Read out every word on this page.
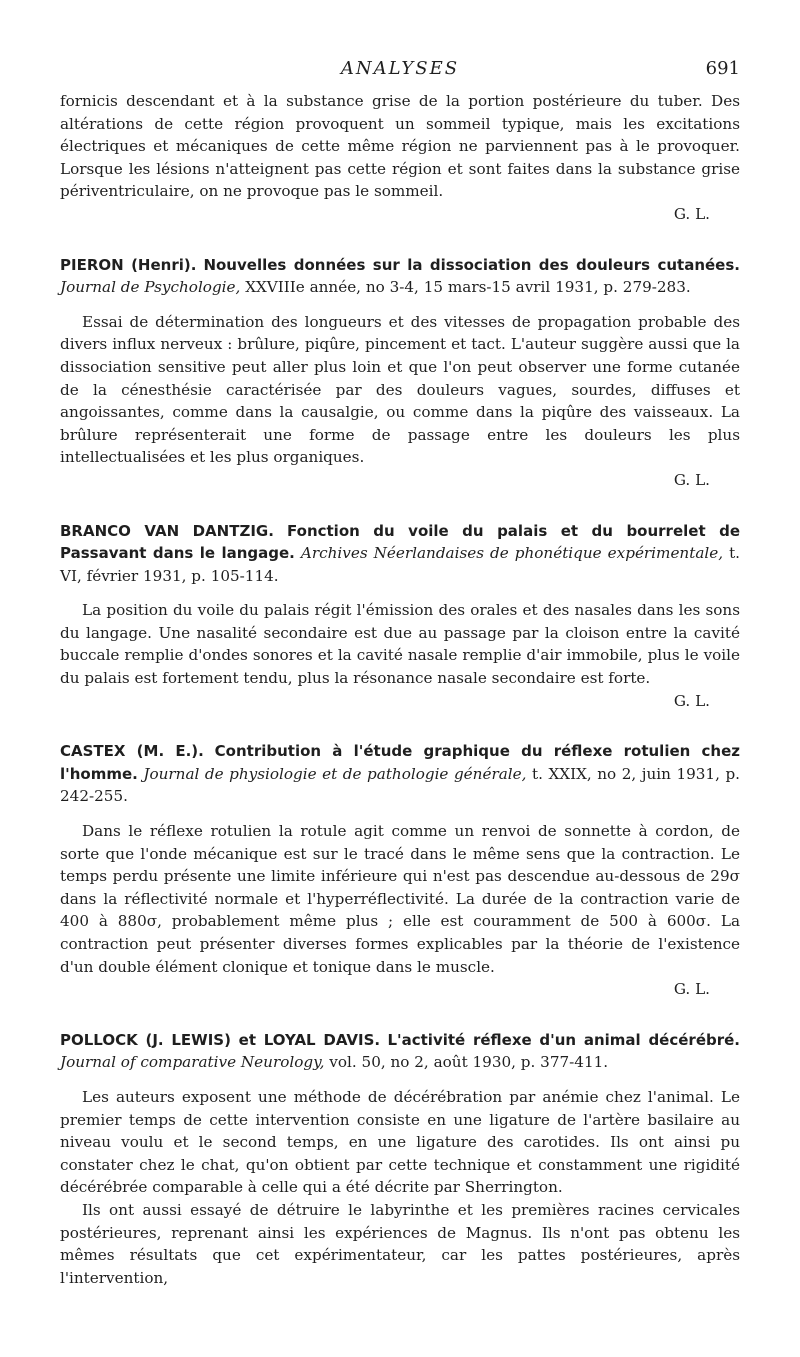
ANALYSES	691

fornicis descendant et à la substance grise de la portion postérieure du tuber. Des altérations de cette région provoquent un sommeil typique, mais les excitations électriques et mécaniques de cette même région ne parviennent pas à le provoquer. Lorsque les lésions n'atteignent pas cette région et sont faites dans la substance grise périventriculaire, on ne provoque pas le sommeil.

G. L.

PIERON (Henri). Nouvelles données sur la dissociation des douleurs cutanées. Journal de Psychologie, XXVIIIe année, no 3-4, 15 mars-15 avril 1931, p. 279-283.

Essai de détermination des longueurs et des vitesses de propagation probable des divers influx nerveux : brûlure, piqûre, pincement et tact. L'auteur suggère aussi que la dissociation sensitive peut aller plus loin et que l'on peut observer une forme cutanée de la cénesthésie caractérisée par des douleurs vagues, sourdes, diffuses et angoissantes, comme dans la causalgie, ou comme dans la piqûre des vaisseaux. La brûlure représenterait une forme de passage entre les douleurs les plus intellectualisées et les plus organiques.

G. L.

BRANCO VAN DANTZIG. Fonction du voile du palais et du bourrelet de Passavant dans le langage. Archives Néerlandaises de phonétique expérimentale, t. VI, février 1931, p. 105-114.

La position du voile du palais régit l'émission des orales et des nasales dans les sons du langage. Une nasalité secondaire est due au passage par la cloison entre la cavité buccale remplie d'ondes sonores et la cavité nasale remplie d'air immobile, plus le voile du palais est fortement tendu, plus la résonance nasale secondaire est forte.

G. L.

CASTEX (M. E.). Contribution à l'étude graphique du réflexe rotulien chez l'homme. Journal de physiologie et de pathologie générale, t. XXIX, no 2, juin 1931, p. 242-255.

Dans le réflexe rotulien la rotule agit comme un renvoi de sonnette à cordon, de sorte que l'onde mécanique est sur le tracé dans le même sens que la contraction. Le temps perdu présente une limite inférieure qui n'est pas descendue au-dessous de 29σ dans la réflectivité normale et l'hyperréflectivité. La durée de la contraction varie de 400 à 880σ, probablement même plus ; elle est couramment de 500 à 600σ. La contraction peut présenter diverses formes explicables par la théorie de l'existence d'un double élément clonique et tonique dans le muscle.

G. L.

POLLOCK (J. LEWIS) et LOYAL DAVIS. L'activité réflexe d'un animal décérébré. Journal of comparative Neurology, vol. 50, no 2, août 1930, p. 377-411.

Les auteurs exposent une méthode de décérébration par anémie chez l'animal. Le premier temps de cette intervention consiste en une ligature de l'artère basilaire au niveau voulu et le second temps, en une ligature des carotides. Ils ont ainsi pu constater chez le chat, qu'on obtient par cette technique et constamment une rigidité décérébrée comparable à celle qui a été décrite par Sherrington.

Ils ont aussi essayé de détruire le labyrinthe et les premières racines cervicales postérieures, reprenant ainsi les expériences de Magnus. Ils n'ont pas obtenu les mêmes résultats que cet expérimentateur, car les pattes postérieures, après l'intervention,
